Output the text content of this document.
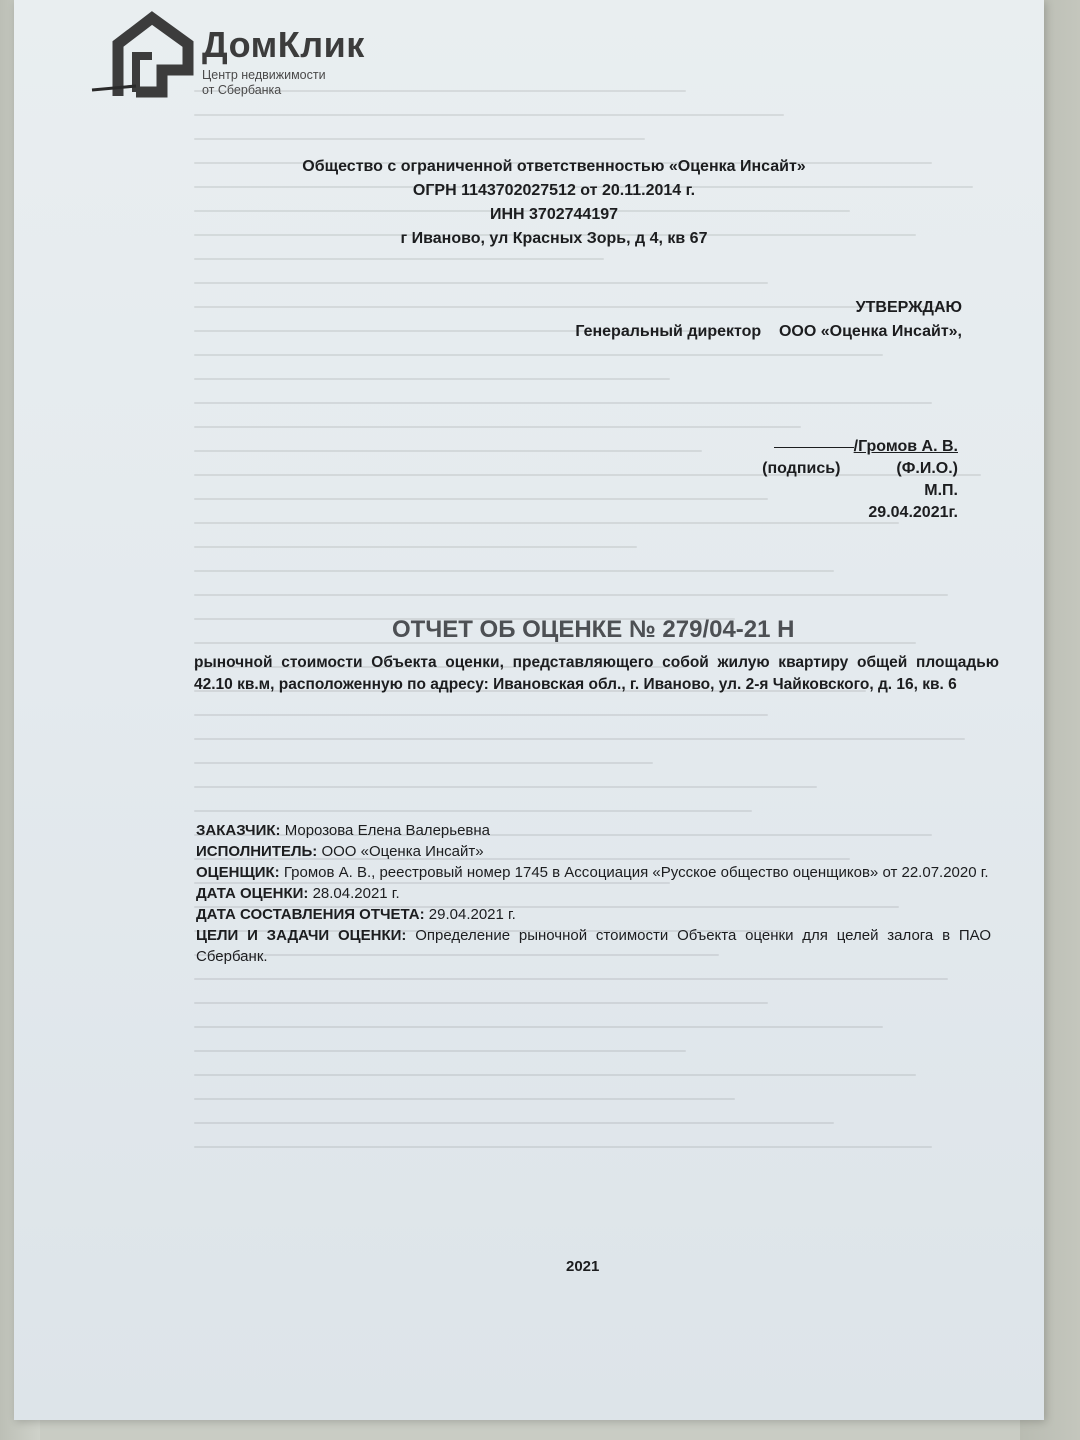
ДомКлик
Центр недвижимости
от Сбербанка
Общество с ограниченной ответственностью «Оценка Инсайт»
ОГРН 1143702027512 от 20.11.2014 г.
ИНН 3702744197
г Иваново, ул Красных Зорь, д 4, кв 67
УТВЕРЖДАЮ
Генеральный директор ООО «Оценка Инсайт»,
/Громов А. В.
(подпись)	(Ф.И.О.)
М.П.
29.04.2021г.
ОТЧЕТ ОБ ОЦЕНКЕ № 279/04-21 Н
рыночной стоимости Объекта оценки, представляющего собой жилую квартиру общей площадью 42.10 кв.м, расположенную по адресу: Ивановская обл., г. Иваново, ул. 2-я Чайковского, д. 16, кв. 6
ЗАКАЗЧИК: Морозова Елена Валерьевна
ИСПОЛНИТЕЛЬ: ООО «Оценка Инсайт»
ОЦЕНЩИК: Громов А. В., реестровый номер 1745 в Ассоциация «Русское общество оценщиков» от 22.07.2020 г.
ДАТА ОЦЕНКИ: 28.04.2021 г.
ДАТА СОСТАВЛЕНИЯ ОТЧЕТА: 29.04.2021 г.
ЦЕЛИ И ЗАДАЧИ ОЦЕНКИ: Определение рыночной стоимости Объекта оценки для целей залога в ПАО Сбербанк.
2021
